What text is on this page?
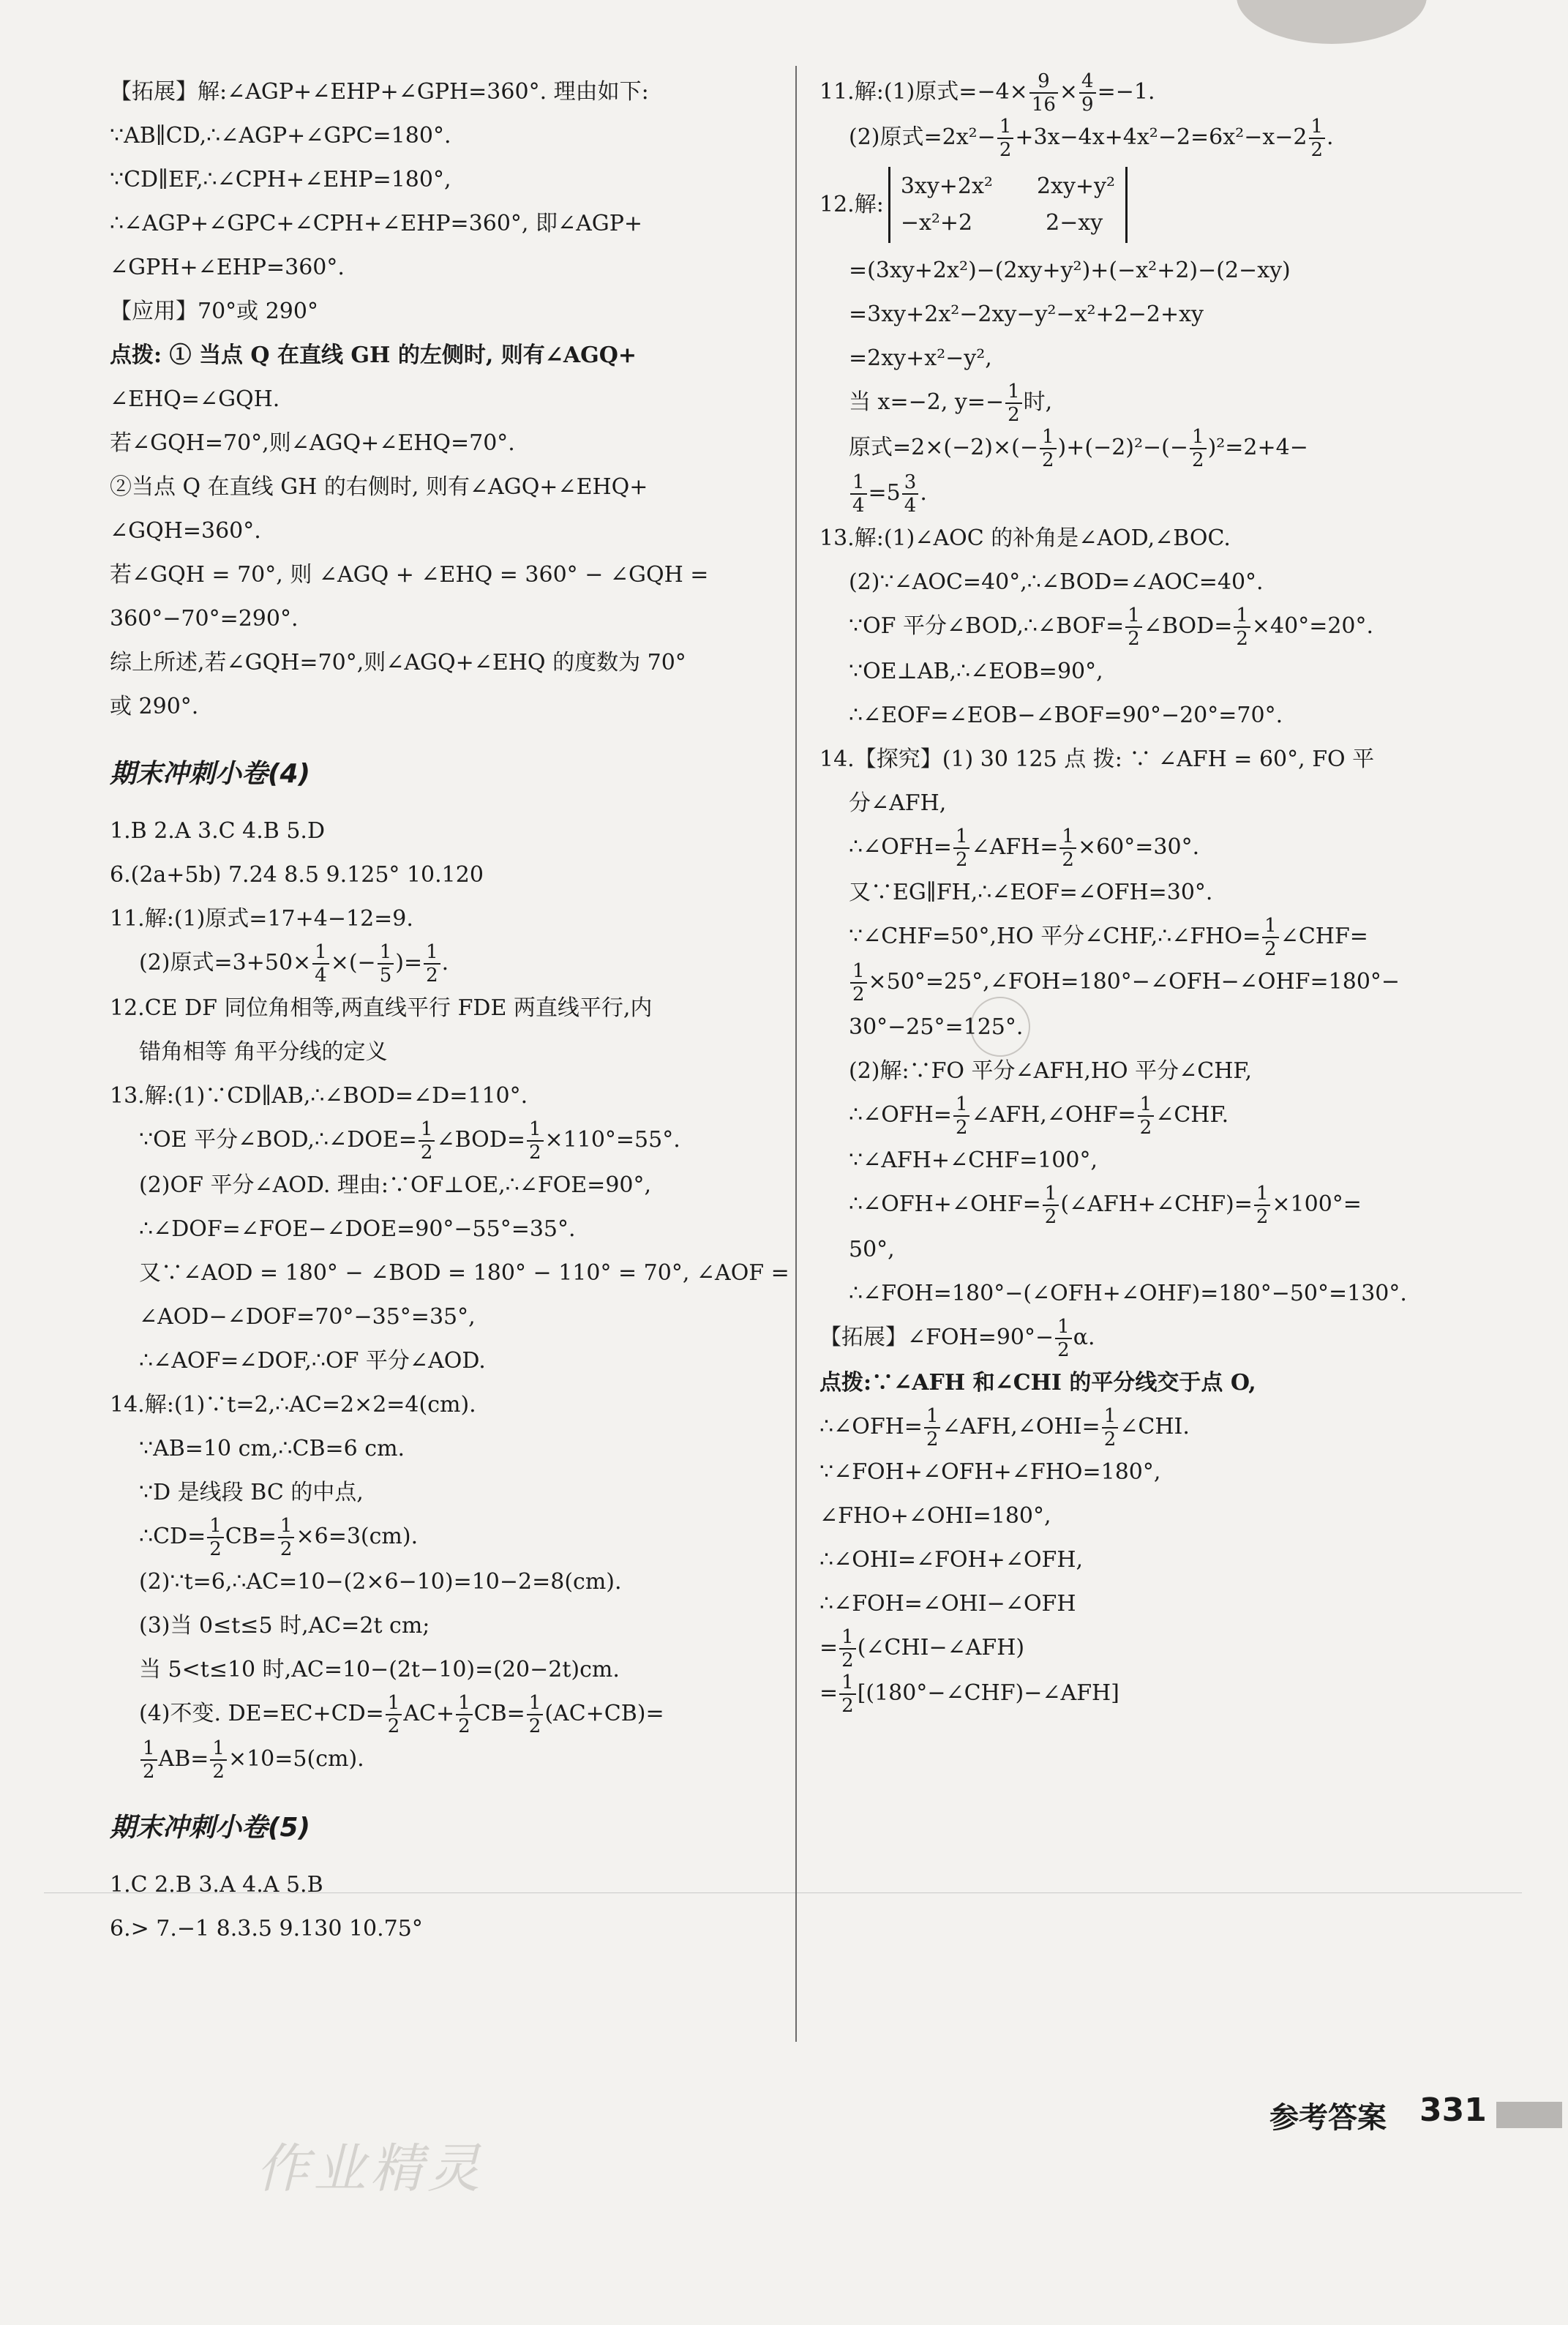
【拓展】解:∠AGP+∠EHP+∠GPH=360°. 理由如下:
∵AB∥CD,∴∠AGP+∠GPC=180°.
∵CD∥EF,∴∠CPH+∠EHP=180°,
∴∠AGP+∠GPC+∠CPH+∠EHP=360°, 即∠AGP+
∠GPH+∠EHP=360°.
【应用】70°或 290°
点拨: ① 当点 Q 在直线 GH 的左侧时, 则有∠AGQ+
∠EHQ=∠GQH.
若∠GQH=70°,则∠AGQ+∠EHQ=70°.
②当点 Q 在直线 GH 的右侧时, 则有∠AGQ+∠EHQ+
∠GQH=360°.
若∠GQH = 70°, 则 ∠AGQ + ∠EHQ = 360° − ∠GQH =
360°−70°=290°.
综上所述,若∠GQH=70°,则∠AGQ+∠EHQ 的度数为 70°
或 290°.
期末冲刺小卷(4)
1.B 2.A 3.C 4.B 5.D
6.(2a+5b) 7.24 8.5 9.125° 10.120
11.解:(1)原式=17+4−12=9.
(2)原式$=3+50\times \frac{1}{4}$ ×(− $\frac{1}{5}$ )= $\frac{1}{2}$ .
12.CE DF 同位角相等,两直线平行 FDE 两直线平行,内
错角相等 角平分线的定义
13.解:(1)∵CD∥AB,∴∠BOD=∠D=110°.
∵OE 平分∠BOD,∴∠DOE= $\frac{1}{2}$ ∠BOD= $\frac{1}{2} \times 110^\circ=55^\circ$.
(2)OF 平分∠AOD. 理由:∵OF⊥OE,∴∠FOE=90°,
∴∠DOF=∠FOE−∠DOE=90°−55°=35°.
又∵∠AOD = 180° − ∠BOD = 180° − 110° = 70°, ∠AOF =
∠AOD−∠DOF=70°−35°=35°,
∴∠AOF=∠DOF,∴OF 平分∠AOD.
14.解:(1)∵t=2,∴AC=2×2=4(cm).
∵AB=10 cm,∴CB=6 cm.
∵D 是线段 BC 的中点,
∴CD= $\frac{1}{2} CB= \frac{1}{2} \times 6=3(cm)$.
(2)∵t=6,∴AC=10−(2×6−10)=10−2=8(cm).
(3)当 0≤t≤5 时,AC=2t cm;
当 5<t≤10 时,AC=10−(2t−10)=(20−2t)cm.
(4)不变. $DE=EC+CD= \frac{1}{2} AC+ \frac{1}{2} CB= \frac{1}{2} (AC+CB)=$
$\frac{1}{2} AB= \frac{1}{2} \times 10=5(cm)$.
期末冲刺小卷(5)
1.C 2.B 3.A 4.A 5.B
6.> 7.−1 8.3.5 9.130 10.75°
11.解:(1)原式$=-4\times \frac{9}{16} \times \frac{4}{9} =-1$.
(2)原式$=2x^2- \frac{1}{2} +3x-4x+4x^2-2=6x^2-x-2 \frac{1}{2}$ .
12.解:
3xy+2x² 2xy+y²
−x²+2	2−xy
=(3xy+2x²)−(2xy+y²)+(−x²+2)−(2−xy)
=3xy+2x²−2xy−y²−x²+2−2+xy
=2xy+x²−y²,
当 x=−2, $y=- \frac{1}{2}$ 时,
原式$=2\times(-2)\times(- \frac{1}{2} )+(-2)^2-(- \frac{1}{2} )^2=2+4-$
$\frac{1}{4} =5 \frac{3}{4}$ .
13.解:(1)∠AOC 的补角是∠AOD,∠BOC.
(2)∵∠AOC=40°,∴∠BOD=∠AOC=40°.
∵OF 平分∠BOD,∴∠BOF= $\frac{1}{2}$ ∠BOD= $\frac{1}{2} \times 40^\circ=20^\circ$.
∵OE⊥AB,∴∠EOB=90°,
∴∠EOF=∠EOB−∠BOF=90°−20°=70°.
14.【探究】(1) 30 125 点 拨: ∵ ∠AFH = 60°, FO 平
分∠AFH,
∴∠OFH= $\frac{1}{2}$ ∠AFH= $\frac{1}{2} \times 60^\circ=30^\circ$.
又∵EG∥FH,∴∠EOF=∠OFH=30°.
∵∠CHF=50°,HO 平分∠CHF,∴∠FHO= $\frac{1}{2}$ ∠CHF=
$\frac{1}{2}$ ×50°=25°,∠FOH=180°−∠OFH−∠OHF=180°−
30°−25°=125°.
(2)解:∵FO 平分∠AFH,HO 平分∠CHF,
∴∠OFH= $\frac{1}{2}$ ∠AFH,∠OHF= $\frac{1}{2}$ ∠CHF.
∵∠AFH+∠CHF=100°,
∴∠OFH+∠OHF= $\frac{1}{2}$ (∠AFH+∠CHF)= $\frac{1}{2} \times 100^\circ=$
50°,
∴∠FOH=180°−(∠OFH+∠OHF)=180°−50°=130°.
【拓展】∠FOH=90°− $\frac{1}{2} \alpha$.
点拨:∵∠AFH 和∠CHI 的平分线交于点 O,
∴∠OFH= $\frac{1}{2}$ ∠AFH,∠OHI= $\frac{1}{2}$ ∠CHI.
∵∠FOH+∠OFH+∠FHO=180°,
∠FHO+∠OHI=180°,
∴∠OHI=∠FOH+∠OFH,
∴∠FOH=∠OHI−∠OFH
= $\frac{1}{2}$ (∠CHI−∠AFH)
= $\frac{1}{2}$ [(180°−∠CHF)−∠AFH]
参考答案 331
作业精灵
